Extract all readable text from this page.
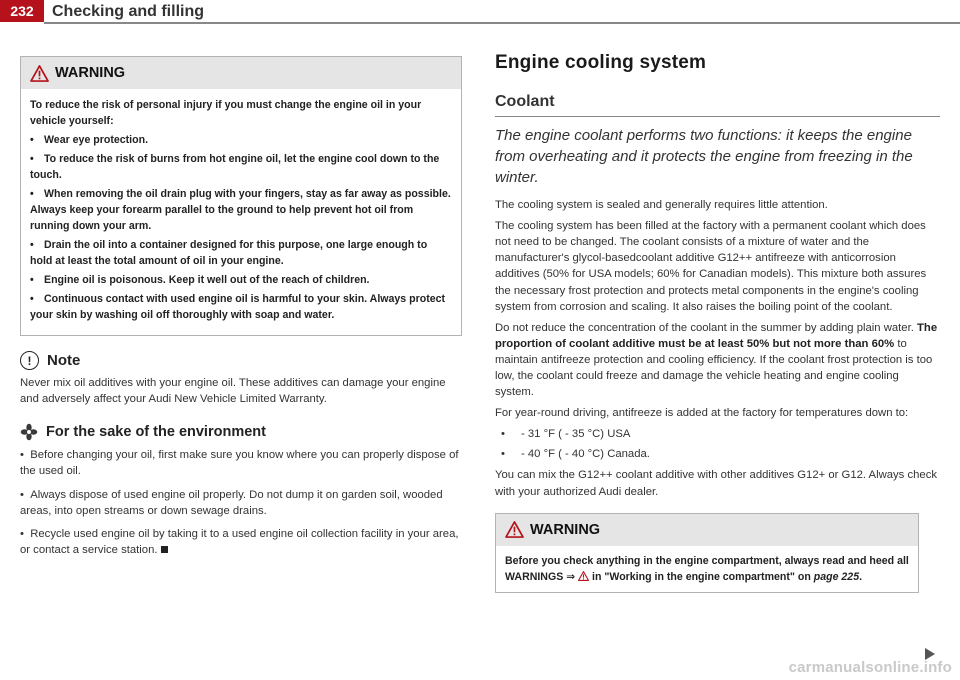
232	Checking and filling
WARNING

To reduce the risk of personal injury if you must change the engine oil in your vehicle yourself:

• Wear eye protection.

• To reduce the risk of burns from hot engine oil, let the engine cool down to the touch.

• When removing the oil drain plug with your fingers, stay as far away as possible. Always keep your forearm parallel to the ground to help prevent hot oil from running down your arm.

• Drain the oil into a container designed for this purpose, one large enough to hold at least the total amount of oil in your engine.

• Engine oil is poisonous. Keep it well out of the reach of children.

• Continuous contact with used engine oil is harmful to your skin. Always protect your skin by washing oil off thoroughly with soap and water.

!	Note
Never mix oil additives with your engine oil. These additives can damage your engine and adversely affect your Audi New Vehicle Limited Warranty.
For the sake of the environment

•  Before changing your oil, first make sure you know where you can properly dispose of the used oil.

•  Always dispose of used engine oil properly. Do not dump it on garden soil, wooded areas, into open streams or down sewage drains.

•  Recycle used engine oil by taking it to a used engine oil collection facility in your area, or contact a service station.

Engine cooling system
Coolant
The engine coolant performs two functions: it keeps the engine from overheating and it protects the engine from freezing in the winter.

The cooling system is sealed and generally requires little attention.

The cooling system has been filled at the factory with a permanent coolant which does not need to be changed. The coolant consists of a mixture of water and the manufacturer's glycol-basedcoolant additive G12++ antifreeze with anticorrosion additives (50% for USA models; 60% for Canadian models). This mixture both assures the necessary frost protection and protects metal components in the engine's cooling system from corrosion and scaling. It also raises the boiling point of the coolant.

Do not reduce the concentration of the coolant in the summer by adding plain water. The proportion of coolant additive must be at least 50% but not more than 60% to maintain antifreeze protection and cooling efficiency. If the coolant frost protection is too low, the coolant could freeze and damage the vehicle heating and engine cooling system.

For year-round driving, antifreeze is added at the factory for temperatures down to:

• - 31 °F ( - 35 °C) USA
• - 40 °F ( - 40 °C) Canada.

You can mix the G12++ coolant additive with other additives G12+ or G12. Always check with your authorized Audi dealer.

WARNING
Before you check anything in the engine compartment, always read and heed all WARNINGS ⇒  in "Working in the engine compartment" on page 225.
carmanualsonline.info
